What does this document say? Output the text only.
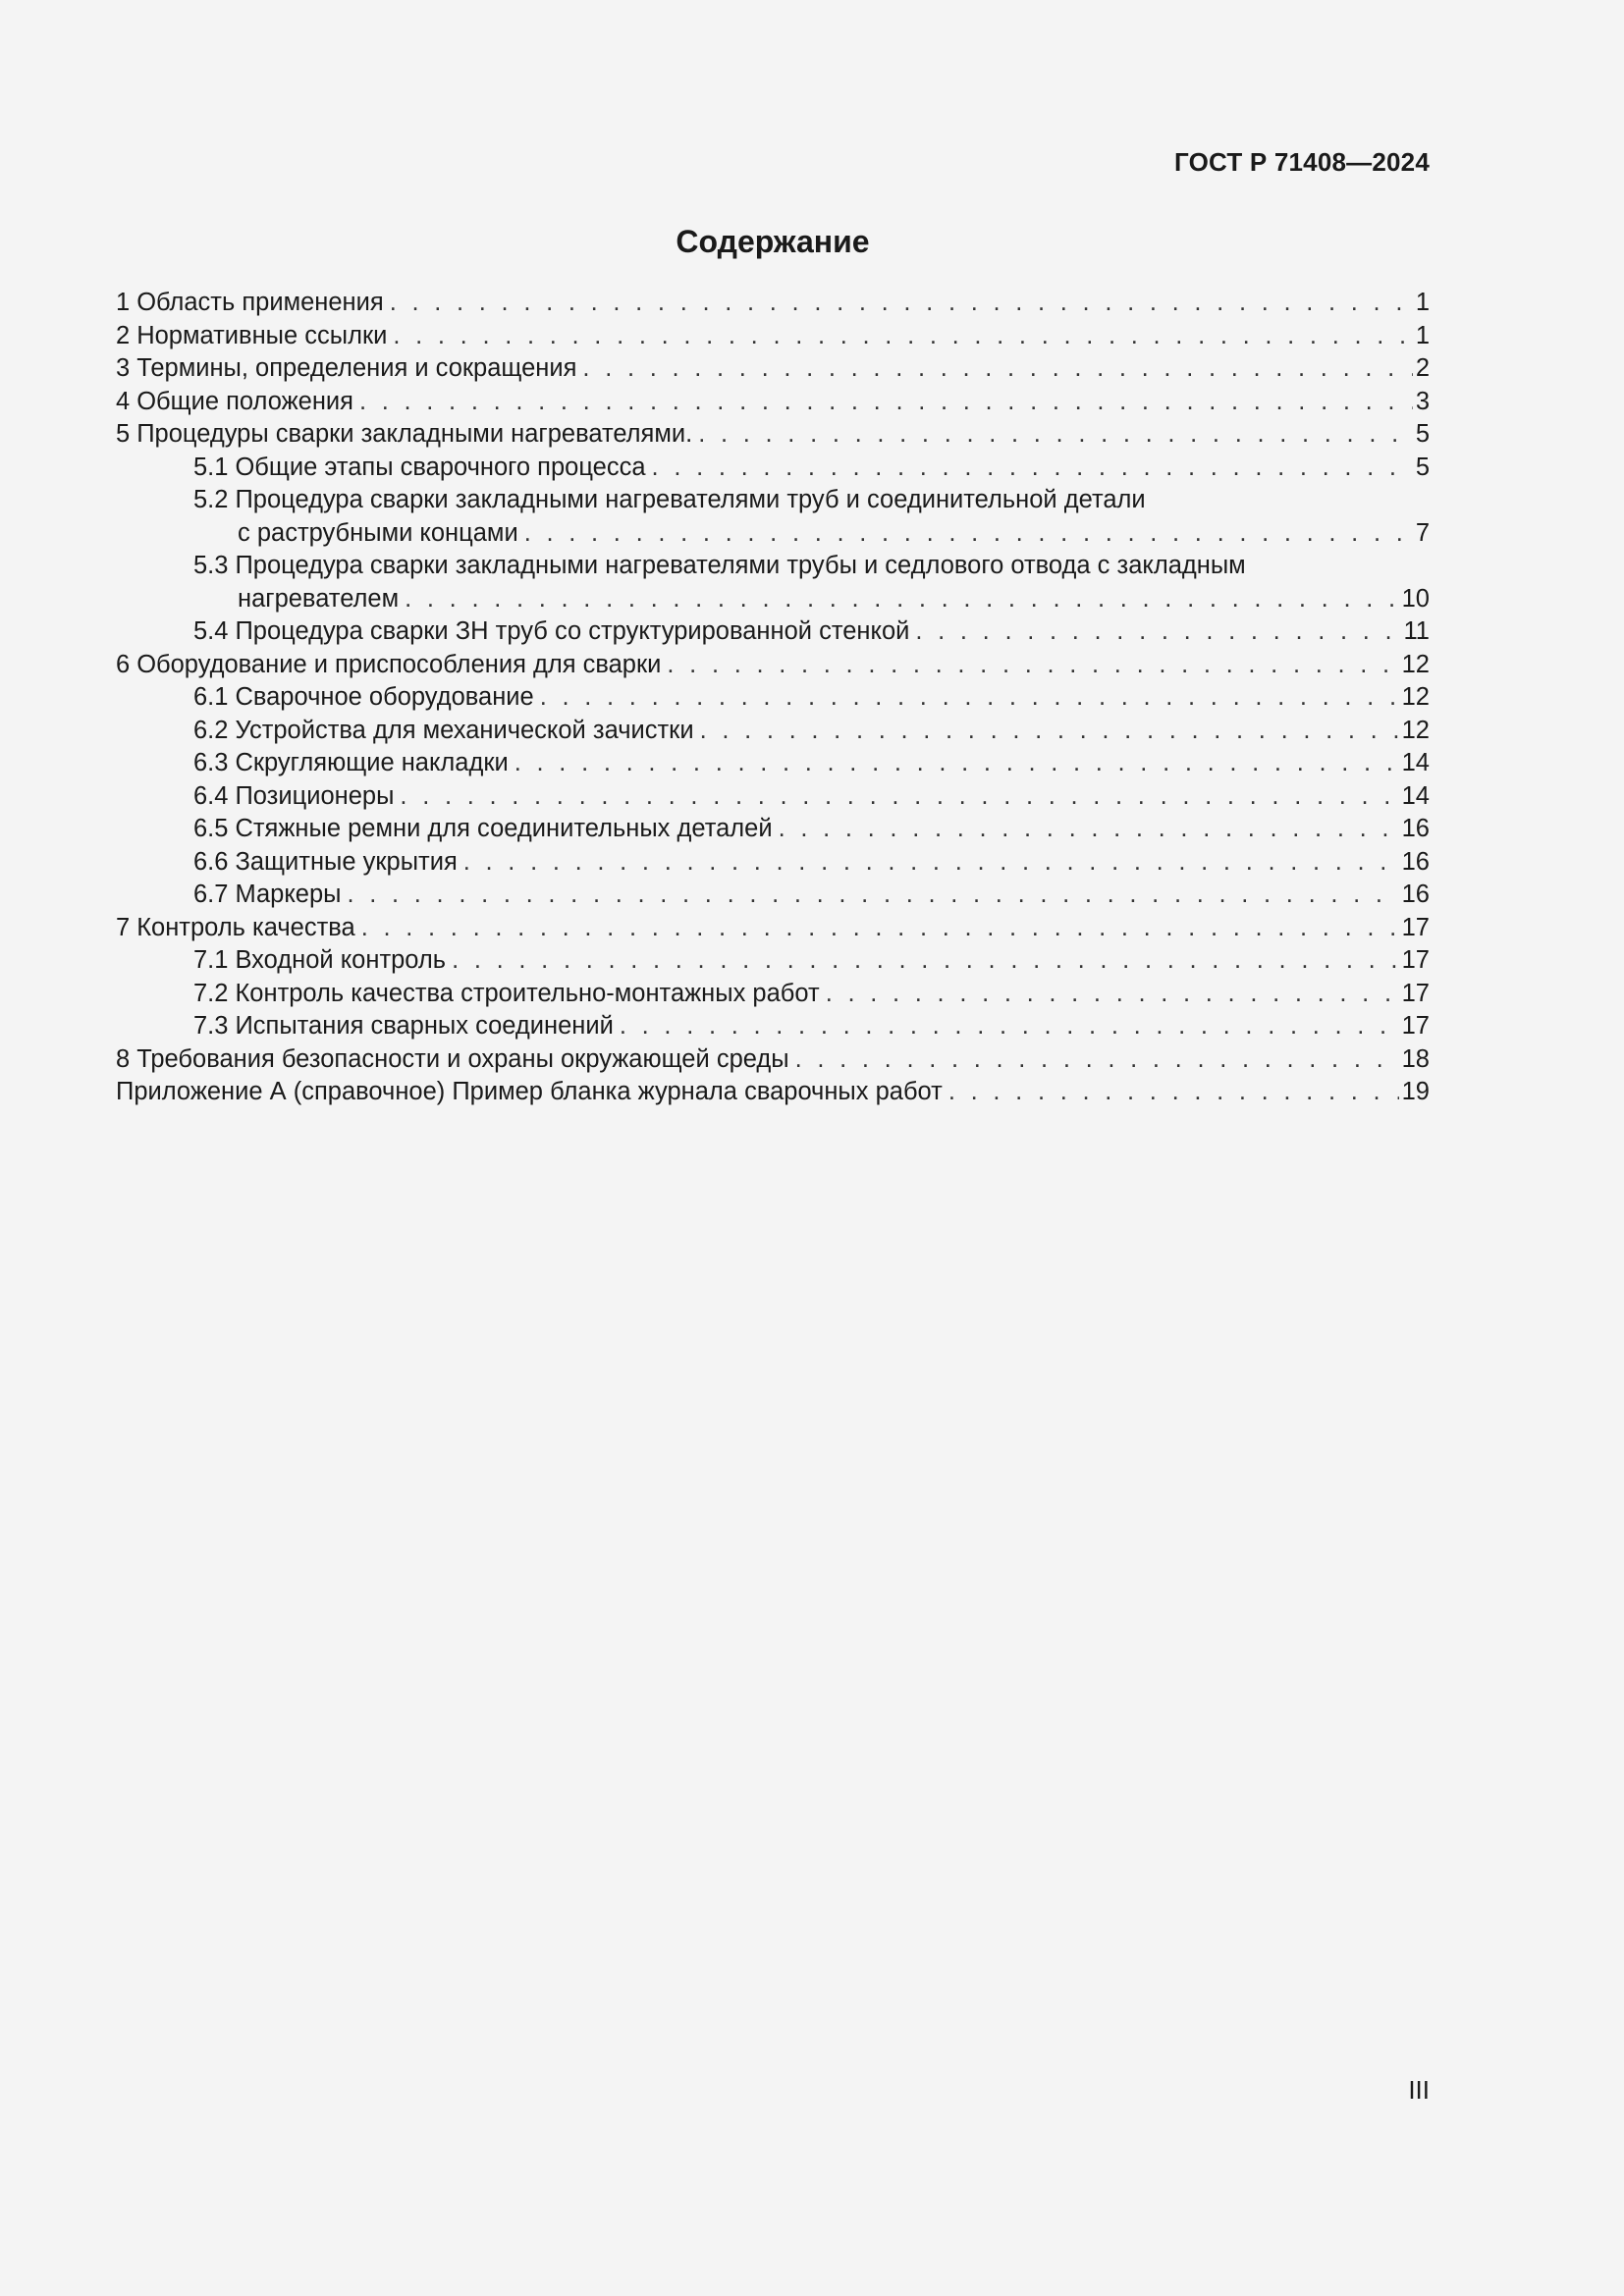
ГОСТ Р 71408—2024
Содержание
1 Область применения . . .	1
2 Нормативные ссылки . . .	1
3 Термины, определения и сокращения . . .	2
4 Общие положения . . .	3
5 Процедуры сварки закладными нагревателями. . . .	5
5.1 Общие этапы сварочного процесса . . .	5
5.2 Процедура сварки закладными нагревателями труб и соединительной детали
с раструбными концами . . .	7
5.3 Процедура сварки закладными нагревателями трубы и седлового отвода с закладным
нагревателем . . .	10
5.4 Процедура сварки ЗН труб со структурированной стенкой . . .	11
6 Оборудование и приспособления для сварки . . .	12
6.1 Сварочное оборудование . . .	12
6.2 Устройства для механической зачистки . . .	12
6.3 Скругляющие накладки . . .	14
6.4 Позиционеры . . .	14
6.5 Стяжные ремни для соединительных деталей . . .	16
6.6 Защитные укрытия . . .	16
6.7 Маркеры . . .	16
7 Контроль качества . . .	17
7.1 Входной контроль . . .	17
7.2 Контроль качества строительно-монтажных работ . . .	17
7.3 Испытания сварных соединений . . .	17
8 Требования безопасности и охраны окружающей среды . . .	18
Приложение А (справочное) Пример бланка журнала сварочных работ . . .	19
III
